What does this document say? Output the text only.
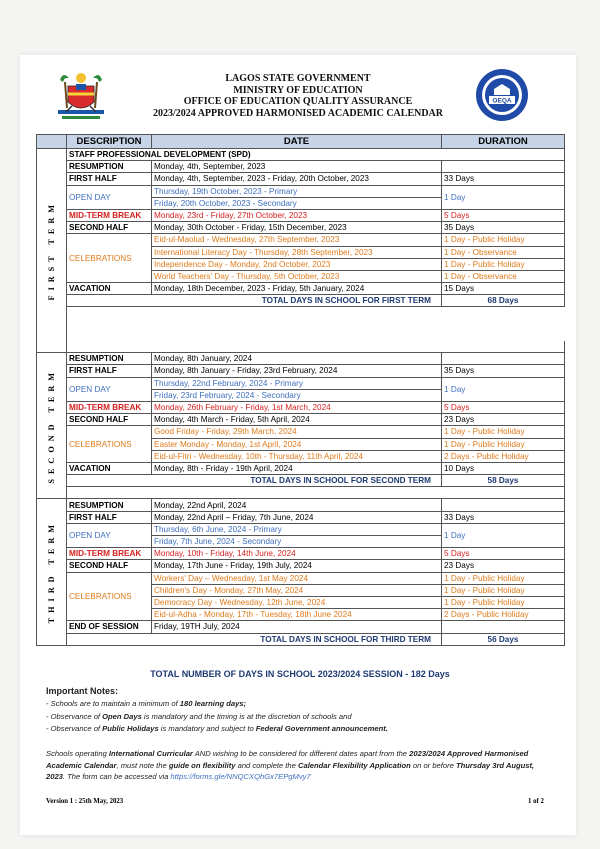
LAGOS STATE GOVERNMENT
MINISTRY OF EDUCATION
OFFICE OF EDUCATION QUALITY ASSURANCE
2023/2024 APPROVED HARMONISED ACADEMIC CALENDAR
OEQA
	DESCRIPTION	DATE	DURATION

FIRST TERM	STAFF PROFESSIONAL DEVELOPMENT (SPD)		
	RESUMPTION	Monday, 4th, September, 2023	
	FIRST HALF	Monday, 4th, September, 2023 - Friday, 20th October, 2023	33 Days
	OPEN DAY	Thursday, 19th October, 2023 - Primary	1 Day
		Friday, 20th October, 2023 - Secondary	
	MID-TERM BREAK	Monday, 23rd - Friday, 27th October, 2023	5 Days
	SECOND HALF	Monday, 30th October - Friday, 15th December, 2023	35 Days
	CELEBRATIONS	Eid-ul-Maolud - Wednesday, 27th September, 2023	1 Day - Public Holiday
		International Literacy Day - Thursday, 28th September, 2023	1 Day - Observance
		Independence Day - Monday, 2nd October, 2023	1 Day - Public Holiday
		World Teachers' Day - Thursday, 5th October, 2023	1 Day - Observance
	VACATION	Monday, 18th December, 2023 - Friday, 5th January, 2024	15 Days
	TOTAL DAYS IN SCHOOL FOR FIRST TERM		68 Days

SECOND TERM	RESUMPTION	Monday, 8th January, 2024	
	FIRST HALF	Monday, 8th January - Friday, 23rd February, 2024	35 Days
	OPEN DAY	Thursday, 22nd February, 2024 - Primary	1 Day
		Friday, 23rd February, 2024 - Secondary	
	MID-TERM BREAK	Monday, 26th February - Friday, 1st March, 2024	5 Days
	SECOND HALF	Monday, 4th March - Friday, 5th April, 2024	23 Days
	CELEBRATIONS	Good Friday - Friday, 29th March, 2024	1 Day - Public Holiday
		Easter Monday - Monday, 1st April, 2024	1 Day - Public Holiday
		Eid-ul-Fitri - Wednesday, 10th - Thursday, 11th April, 2024	2 Days - Public Holiday
	VACATION	Monday, 8th - Friday - 19th April, 2024	10 Days
	TOTAL DAYS IN SCHOOL FOR SECOND TERM		58 Days

THIRD TERM	RESUMPTION	Monday, 22nd April, 2024	
	FIRST HALF	Monday, 22nd April – Friday, 7th June, 2024	33 Days
	OPEN DAY	Thursday, 6th June, 2024 - Primary	1 Day
		Friday, 7th June, 2024 - Secondary	
	MID-TERM BREAK	Monday, 10th - Friday, 14th June, 2024	5 Days
	SECOND HALF	Monday, 17th June - Friday, 19th July, 2024	23 Days
	CELEBRATIONS	Workers' Day – Wednesday, 1st May 2024	1 Day - Public Holiday
		Children's Day - Monday, 27th May, 2024	1 Day - Public Holiday
		Democracy Day - Wednesday, 12th June, 2024	1 Day - Public Holiday
		Eid-ul-Adha - Monday, 17th - Tuesday, 18th June 2024	2 Days - Public Holiday
	END OF SESSION	Friday, 19TH July, 2024	
	TOTAL DAYS IN SCHOOL FOR THIRD TERM		56 Days
TOTAL NUMBER OF DAYS IN SCHOOL 2023/2024 SESSION - 182 Days
Important Notes:
- Schools are to maintain a minimum of 180 learning days;
- Observance of Open Days is mandatory and the timing is at the discretion of schools and
- Observance of Public Holidays is mandatory and subject to Federal Government announcement.
Schools operating International Curricular AND wishing to be considered for different dates apart from the 2023/2024 Approved Harmonised Academic Calendar, must note the guide on flexibility and complete the Calendar Flexibility Application on or before Thursday 3rd August, 2023. The form can be accessed via https://forms.gle/NNQCXQhGx7EPgMvy7
Version 1 : 25th May, 2023	1 of 2
